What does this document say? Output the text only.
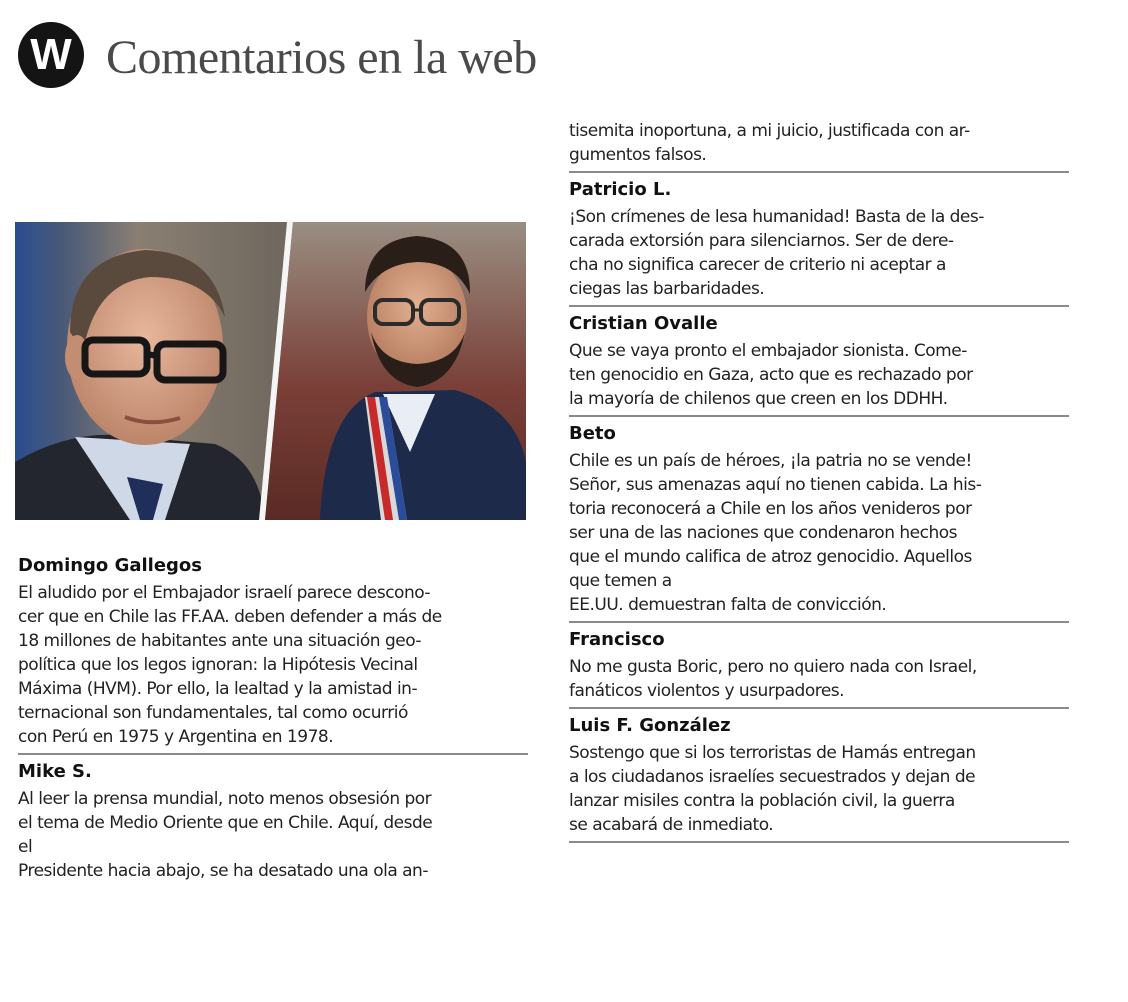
W Comentarios en la web
Domingo Gallegos
El aludido por el Embajador israelí parece descono-
cer que en Chile las FF.AA. deben defender a más de
18 millones de habitantes ante una situación geo-
política que los legos ignoran: la Hipótesis Vecinal
Máxima (HVM). Por ello, la lealtad y la amistad in-
ternacional son fundamentales, tal como ocurrió
con Perú en 1975 y Argentina en 1978.
Mike S.
Al leer la prensa mundial, noto menos obsesión por
el tema de Medio Oriente que en Chile. Aquí, desde
el
Presidente hacia abajo, se ha desatado una ola an-
tisemita inoportuna, a mi juicio, justificada con ar-
gumentos falsos.
Patricio L.
¡Son crímenes de lesa humanidad! Basta de la des-
carada extorsión para silenciarnos. Ser de dere-
cha no significa carecer de criterio ni aceptar a
ciegas las barbaridades.
Cristian Ovalle
Que se vaya pronto el embajador sionista. Come-
ten genocidio en Gaza, acto que es rechazado por
la mayoría de chilenos que creen en los DDHH.
Beto
Chile es un país de héroes, ¡la patria no se vende!
Señor, sus amenazas aquí no tienen cabida. La his-
toria reconocerá a Chile en los años venideros por
ser una de las naciones que condenaron hechos
que el mundo califica de atroz genocidio. Aquellos
que temen a
EE.UU. demuestran falta de convicción.
Francisco
No me gusta Boric, pero no quiero nada con Israel,
fanáticos violentos y usurpadores.
Luis F. González
Sostengo que si los terroristas de Hamás entregan
a los ciudadanos israelíes secuestrados y dejan de
lanzar misiles contra la población civil, la guerra
se acabará de inmediato.
